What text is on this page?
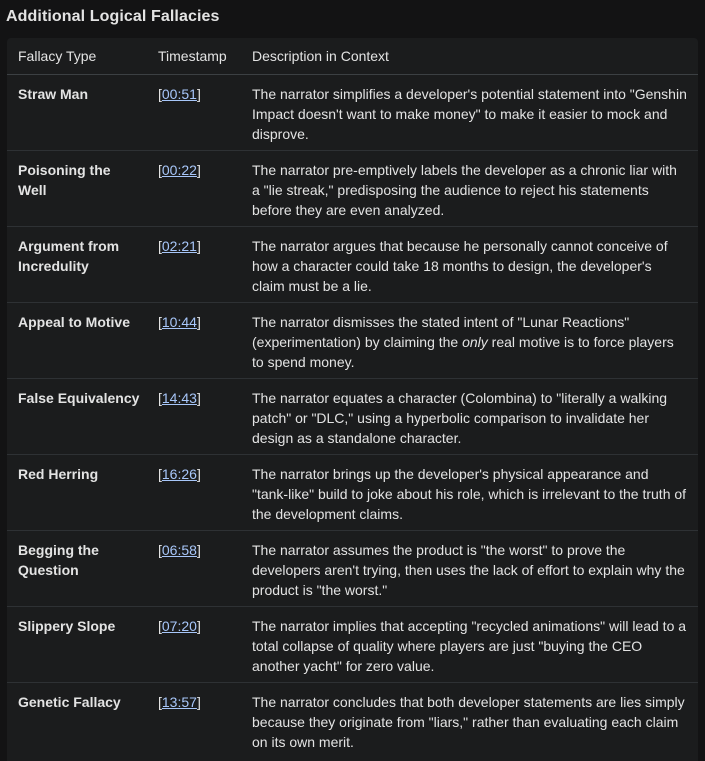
Additional Logical Fallacies
Fallacy Type	Timestamp	Description in Context
Straw Man	[00:51]	The narrator simplifies a developer's potential statement into "Genshin Impact doesn't want to make money" to make it easier to mock and disprove.
Poisoning the Well	[00:22]	The narrator pre-emptively labels the developer as a chronic liar with a "lie streak," predisposing the audience to reject his statements before they are even analyzed.
Argument from Incredulity	[02:21]	The narrator argues that because he personally cannot conceive of how a character could take 18 months to design, the developer's claim must be a lie.
Appeal to Motive	[10:44]	The narrator dismisses the stated intent of "Lunar Reactions" (experimentation) by claiming the only real motive is to force players to spend money.
False Equivalency	[14:43]	The narrator equates a character (Colombina) to "literally a walking patch" or "DLC," using a hyperbolic comparison to invalidate her design as a standalone character.
Red Herring	[16:26]	The narrator brings up the developer's physical appearance and "tank-like" build to joke about his role, which is irrelevant to the truth of the development claims.
Begging the Question	[06:58]	The narrator assumes the product is "the worst" to prove the developers aren't trying, then uses the lack of effort to explain why the product is "the worst."
Slippery Slope	[07:20]	The narrator implies that accepting "recycled animations" will lead to a total collapse of quality where players are just "buying the CEO another yacht" for zero value.
Genetic Fallacy	[13:57]	The narrator concludes that both developer statements are lies simply because they originate from "liars," rather than evaluating each claim on its own merit.
